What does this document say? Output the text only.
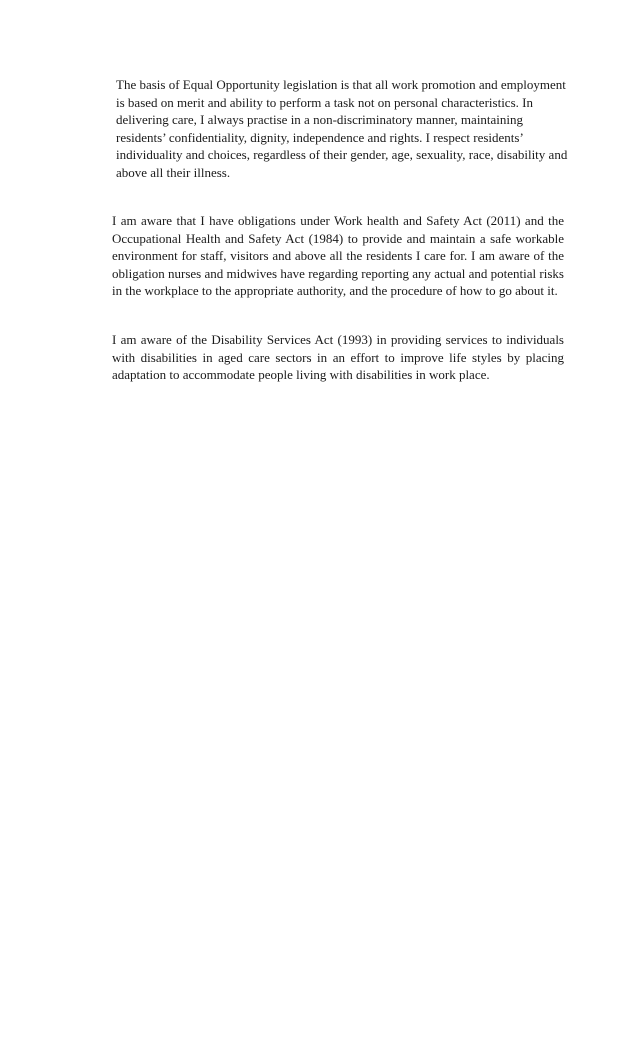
The basis of Equal Opportunity legislation is that all work promotion and employment is based on merit and ability to perform a task not on personal characteristics. In delivering care, I always practise in a non-discriminatory manner, maintaining residents’ confidentiality, dignity, independence and rights. I respect residents’ individuality and choices, regardless of their gender, age, sexuality, race, disability and above all their illness.

I am aware that I have obligations under Work health and Safety Act (2011) and the Occupational Health and Safety Act (1984) to provide and maintain a safe workable environment for staff, visitors and above all the residents I care for. I am aware of the obligation nurses and midwives have regarding reporting any actual and potential risks in the workplace to the appropriate authority, and the procedure of how to go about it.

I am aware of the Disability Services Act (1993) in providing services to individuals with disabilities in aged care sectors in an effort to improve life styles by placing adaptation to accommodate people living with disabilities in work place.
